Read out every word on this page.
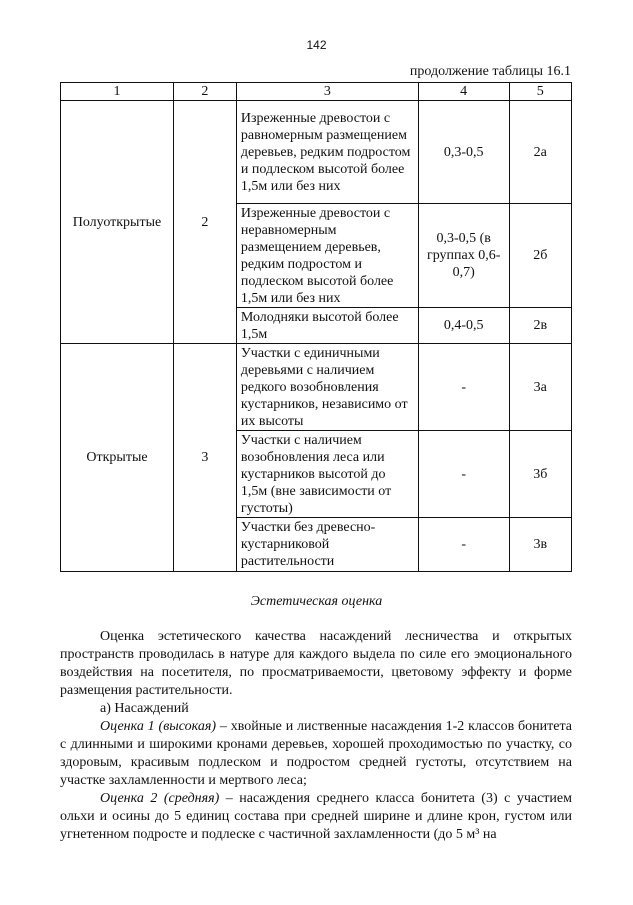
142
продолжение таблицы 16.1
1	2	3	4	5
Полуоткрытые	2	Изреженные древостои с равномерным размещением деревьев, редким подростом и подлеском высотой более 1,5м или без них	0,3-0,5	2а
		Изреженные древостои с неравномерным размещением деревьев, редким подростом и подлеском высотой более 1,5м или без них	0,3-0,5 (в группах 0,6-0,7)	2б
		Молодняки высотой более 1,5м	0,4-0,5	2в
Открытые	3	Участки с единичными деревьями с наличием редкого возобновления кустарников, независимо от их высоты	-	3а
		Участки с наличием возобновления леса или кустарников высотой до 1,5м (вне зависимости от густоты)	-	3б
		Участки без древесно-кустарниковой растительности	-	3в
Эстетическая оценка

Оценка эстетического качества насаждений лесничества и открытых пространств проводилась в натуре для каждого выдела по силе его эмоционального воздействия на посетителя, по просматриваемости, цветовому эффекту и форме размещения растительности.

а) Насаждений

Оценка 1 (высокая) – хвойные и лиственные насаждения 1-2 классов бонитета с длинными и широкими кронами деревьев, хорошей проходимостью по участку, со здоровым, красивым подлеском и подростом средней густоты, отсутствием на участке захламленности и мертвого леса;

Оценка 2 (средняя) – насаждения среднего класса бонитета (3) с участием ольхи и осины до 5 единиц состава при средней ширине и длине крон, густом или угнетенном подросте и подлеске с частичной захламленности (до 5 м³ на
